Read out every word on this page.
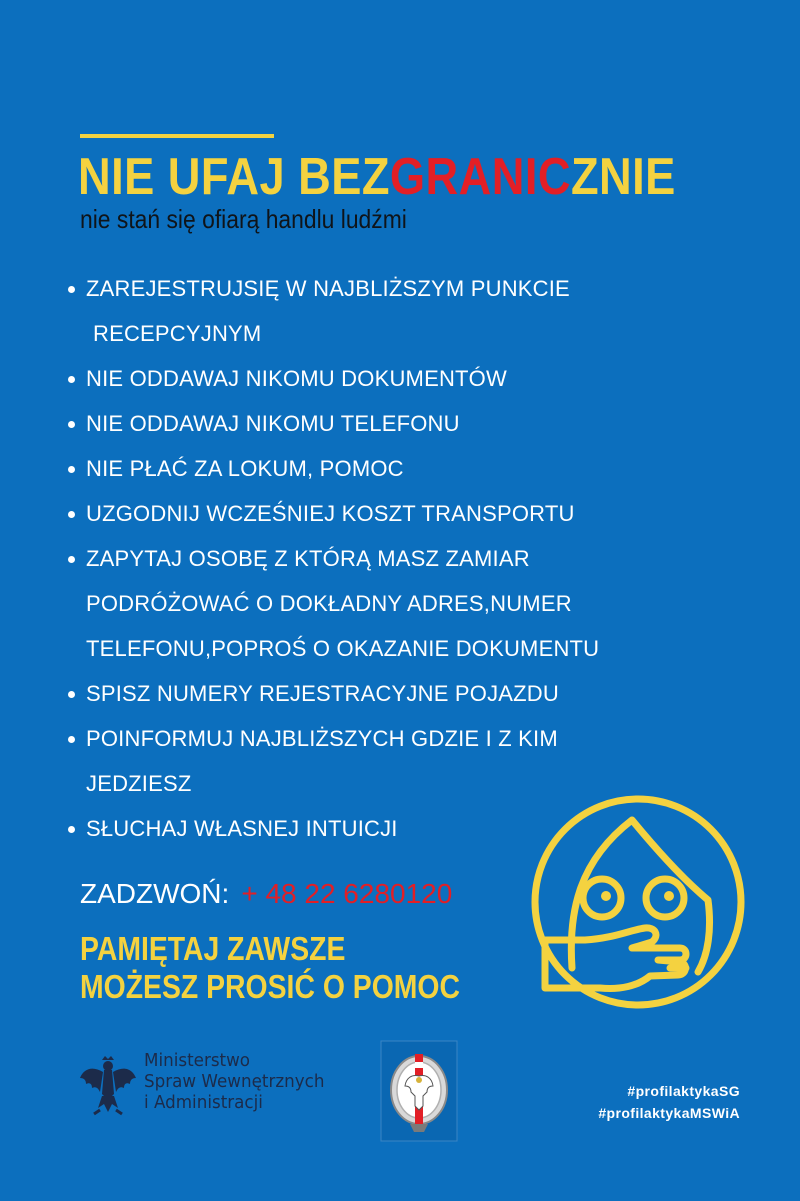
NIE UFAJ BEZGRANICZNIE
nie stań się ofiarą handlu ludźmi
ZAREJESTRUJSIĘ W NAJBLIŻSZYM PUNKCIE
RECEPCYJNYM
NIE ODDAWAJ NIKOMU DOKUMENTÓW
NIE ODDAWAJ NIKOMU TELEFONU
NIE PŁAĆ ZA LOKUM, POMOC
UZGODNIJ WCZEŚNIEJ KOSZT TRANSPORTU
ZAPYTAJ OSOBĘ Z KTÓRĄ MASZ ZAMIAR
PODRÓŻOWAĆ O DOKŁADNY ADRES,NUMER
TELEFONU,POPROŚ O OKAZANIE DOKUMENTU
SPISZ NUMERY REJESTRACYJNE POJAZDU
POINFORMUJ NAJBLIŻSZYCH GDZIE I Z KIM
JEDZIESZ
SŁUCHAJ WŁASNEJ INTUICJI
ZADZWOŃ: + 48 22 6280120
PAMIĘTAJ ZAWSZE
MOŻESZ PROSIĆ O POMOC
Ministerstwo
Spraw Wewnętrznych
i Administracji
#profilaktykaSG
#profilaktykaMSWiA
